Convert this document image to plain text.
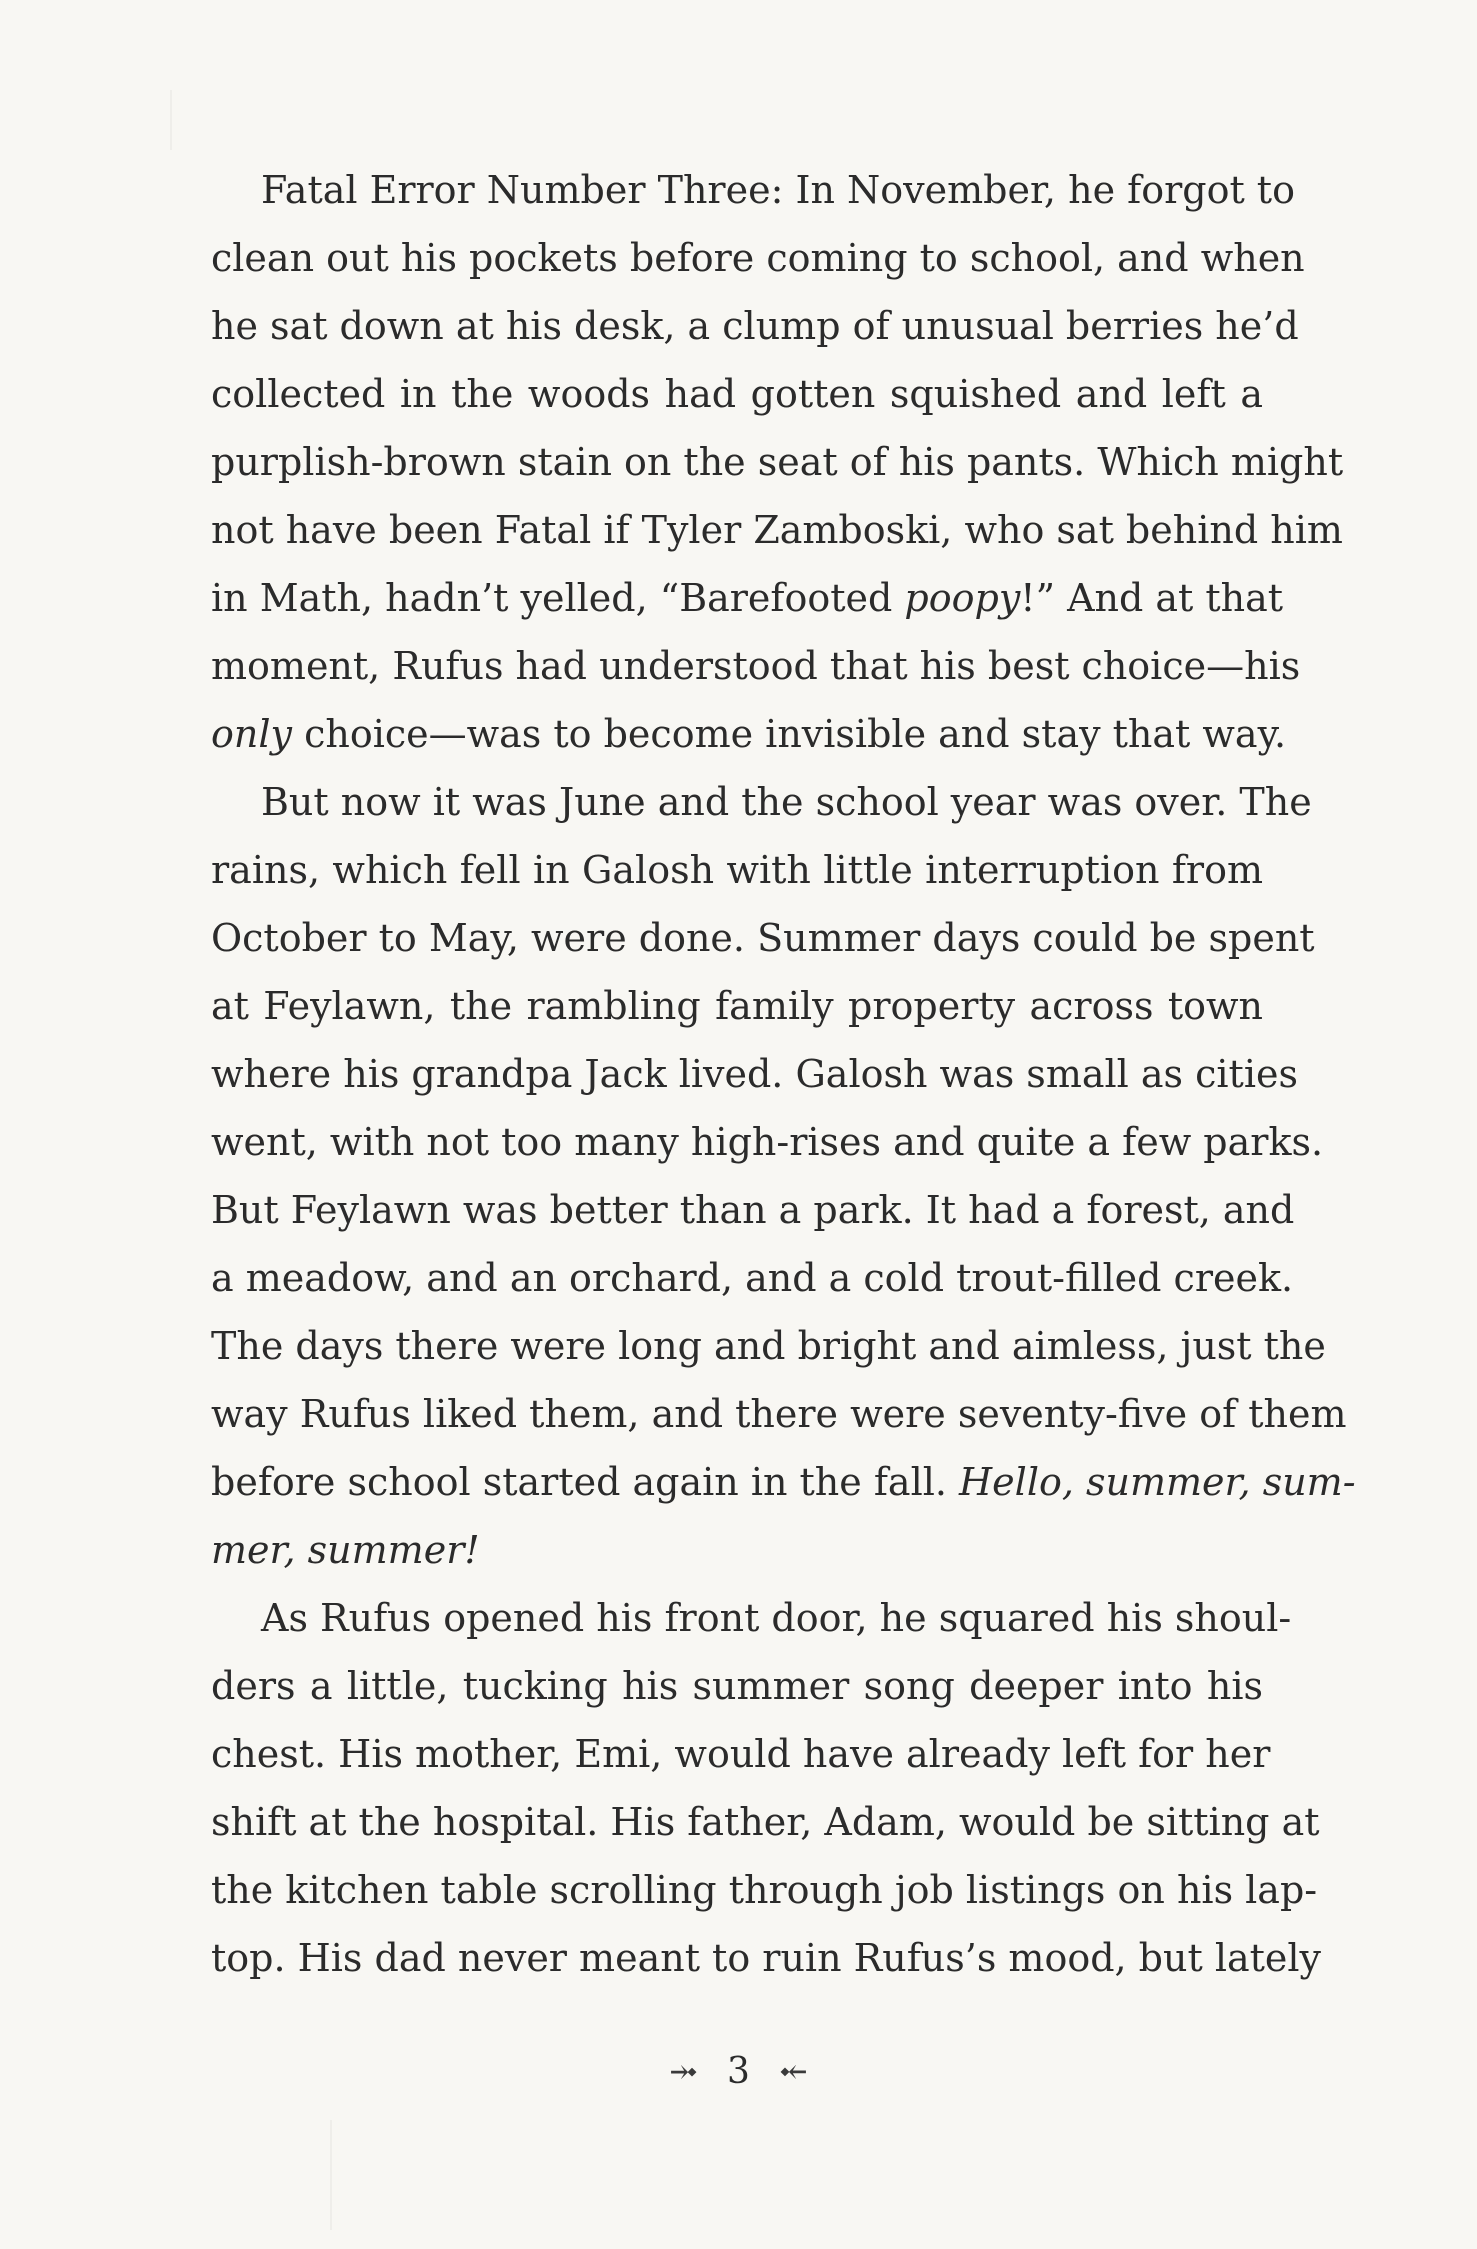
Fatal Error Number Three: In November, he forgot to
clean out his pockets before coming to school, and when
he sat down at his desk, a clump of unusual berries he’d
collected in the woods had gotten squished and left a
purplish-brown stain on the seat of his pants. Which might
not have been Fatal if Tyler Zamboski, who sat behind him
in Math, hadn’t yelled, “Barefooted poopy!” And at that
moment, Rufus had understood that his best choice—his
only choice—was to become invisible and stay that way.
But now it was June and the school year was over. The
rains, which fell in Galosh with little interruption from
October to May, were done. Summer days could be spent
at Feylawn, the rambling family property across town
where his grandpa Jack lived. Galosh was small as cities
went, with not too many high-rises and quite a few parks.
But Feylawn was better than a park. It had a forest, and
a meadow, and an orchard, and a cold trout-filled creek.
The days there were long and bright and aimless, just the
way Rufus liked them, and there were seventy-five of them
before school started again in the fall. Hello, summer, sum-
mer, summer!
As Rufus opened his front door, he squared his shoul-
ders a little, tucking his summer song deeper into his
chest. His mother, Emi, would have already left for her
shift at the hospital. His father, Adam, would be sitting at
the kitchen table scrolling through job listings on his lap-
top. His dad never meant to ruin Rufus’s mood, but lately
⤞ 3 ⤝
